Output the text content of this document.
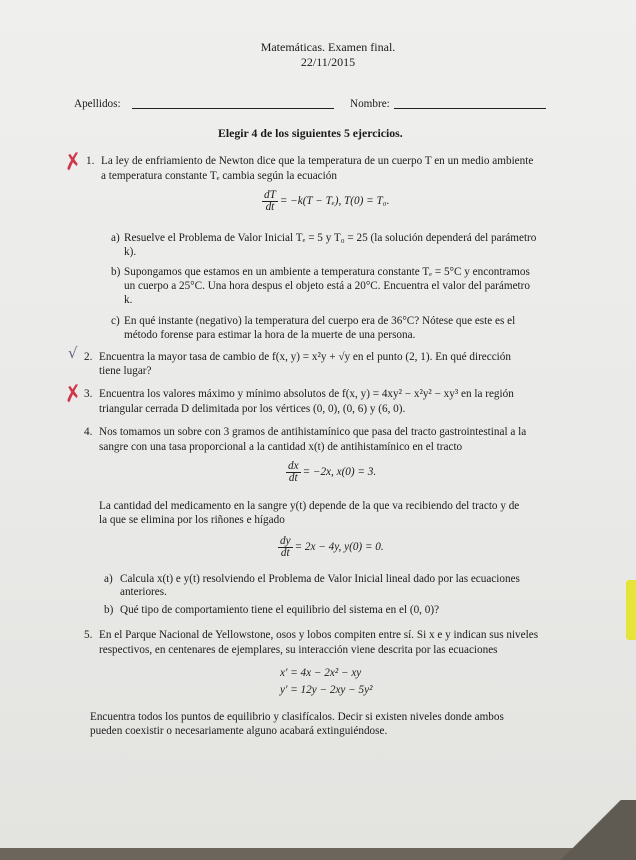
Matemáticas. Examen final.
22/11/2015
Apellidos:	Nombre:
Elegir 4 de los siguientes 5 ejercicios.
✗ 1. La ley de enfriamiento de Newton dice que la temperatura de un cuerpo T en un medio ambiente
a temperatura constante Tₑ cambia según la ecuación
$\frac{dT}{dt} = -k(T - T_e)$, T(0) = T₀.
a) Resuelve el Problema de Valor Inicial Tₑ = 5 y T₀ = 25 (la solución dependerá del parámetro
k).
b) Supongamos que estamos en un ambiente a temperatura constante Tₑ = 5°C y encontramos
un cuerpo a 25°C. Una hora despus el objeto está a 20°C. Encuentra el valor del parámetro
k.
c) En qué instante (negativo) la temperatura del cuerpo era de 36°C? Nótese que este es el
método forense para estimar la hora de la muerte de una persona.
√ 2. Encuentra la mayor tasa de cambio de f(x, y) = x²y + √y en el punto (2, 1). En qué dirección
tiene lugar?
✗ 3. Encuentra los valores máximo y mínimo absolutos de f(x, y) = 4xy² − x²y² − xy³ en la región
triangular cerrada D delimitada por los vértices (0, 0), (0, 6) y (6, 0).
4. Nos tomamos un sobre con 3 gramos de antihistamínico que pasa del tracto gastrointestinal a la
sangre con una tasa proporcional a la cantidad x(t) de antihistamínico en el tracto
$\frac{dx}{dt} = -2x$, x(0) = 3.
La cantidad del medicamento en la sangre y(t) depende de la que va recibiendo del tracto y de
la que se elimina por los riñones e hígado
$\frac{dy}{dt} = 2x - 4y$, y(0) = 0.
a) Calcula x(t) e y(t) resolviendo el Problema de Valor Inicial lineal dado por las ecuaciones
anteriores.
b) Qué tipo de comportamiento tiene el equilibrio del sistema en el (0, 0)?
5. En el Parque Nacional de Yellowstone, osos y lobos compiten entre sí. Si x e y indican sus niveles
respectivos, en centenares de ejemplares, su interacción viene descrita por las ecuaciones
x′ = 4x − 2x² − xy
y′ = 12y − 2xy − 5y²
Encuentra todos los puntos de equilibrio y clasifícalos. Decir si existen niveles donde ambos
pueden coexistir o necesariamente alguno acabará extinguiéndose.
